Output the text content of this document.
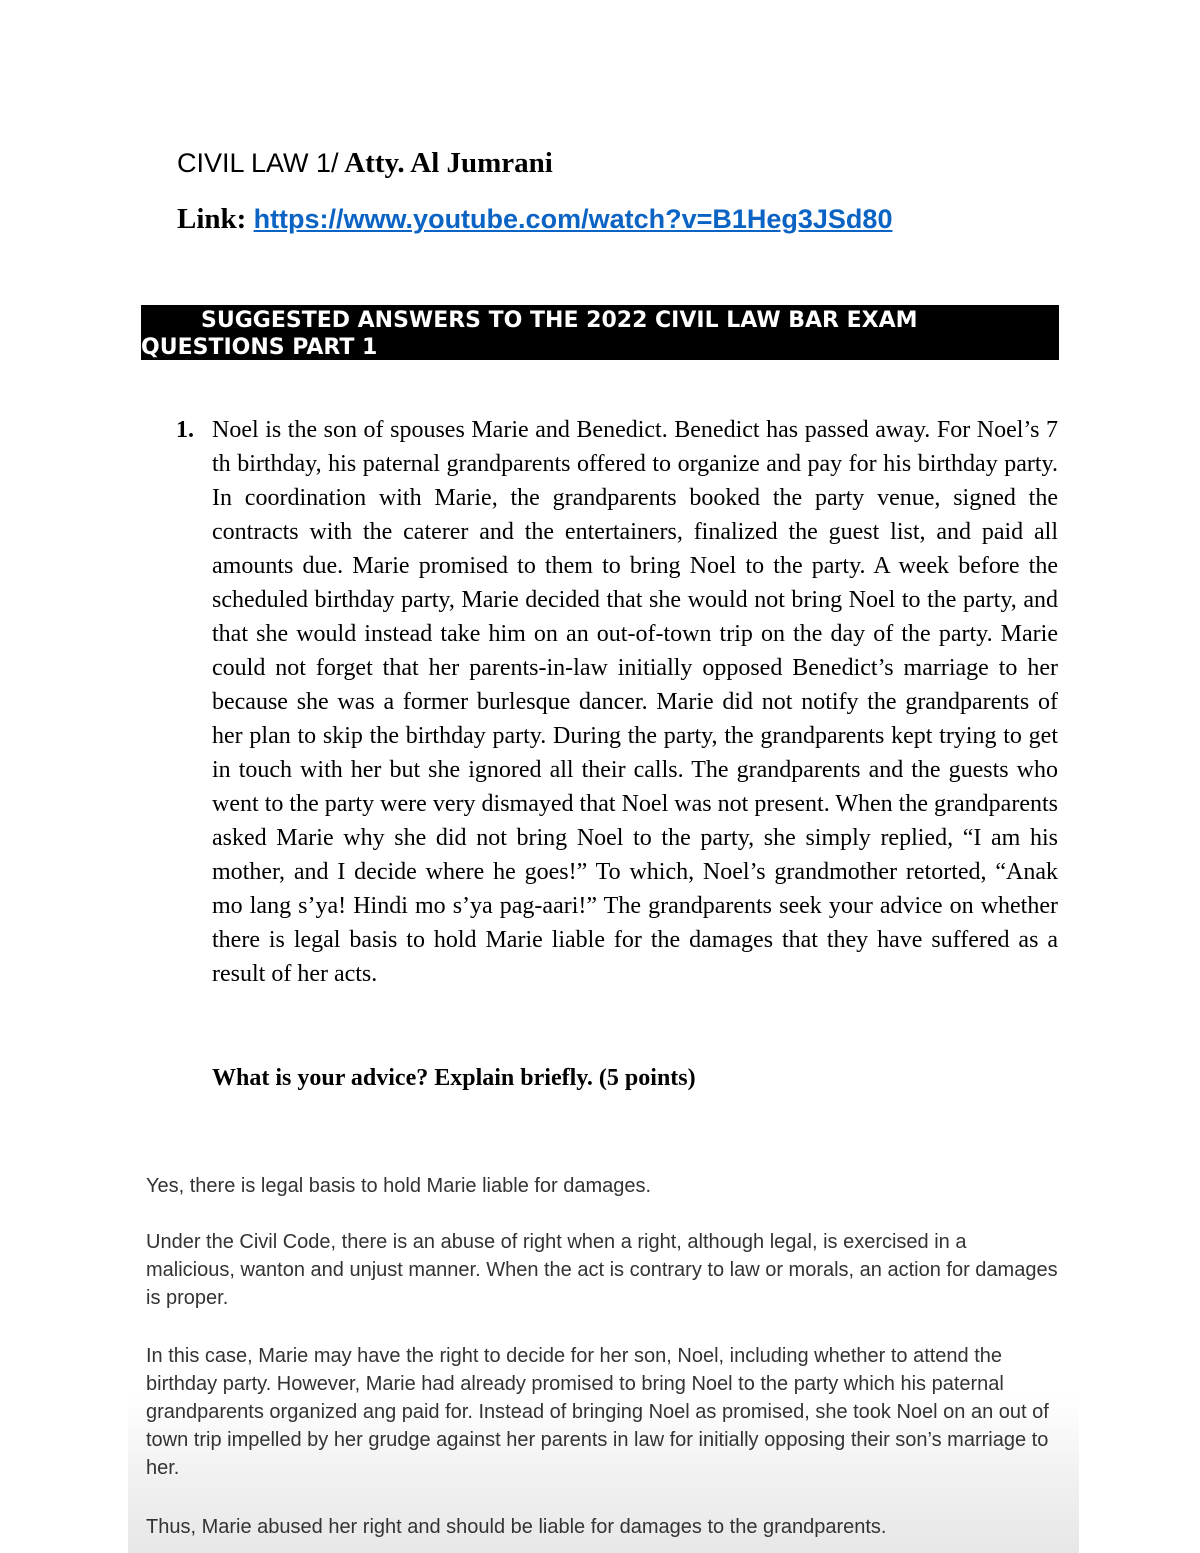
CIVIL LAW 1/ Atty. Al Jumrani
Link: https://www.youtube.com/watch?v=B1Heg3JSd80
SUGGESTED ANSWERS TO THE 2022 CIVIL LAW BAR EXAM
QUESTIONS PART 1
1. Noel is the son of spouses Marie and Benedict. Benedict has passed away. For Noel’s 7 th birthday, his paternal grandparents offered to organize and pay for his birthday party. In coordination with Marie, the grandparents booked the party venue, signed the contracts with the caterer and the entertainers, finalized the guest list, and paid all amounts due. Marie promised to them to bring Noel to the party. A week before the scheduled birthday party, Marie decided that she would not bring Noel to the party, and that she would instead take him on an out-of-town trip on the day of the party. Marie could not forget that her parents-in-law initially opposed Benedict’s marriage to her because she was a former burlesque dancer. Marie did not notify the grandparents of her plan to skip the birthday party. During the party, the grandparents kept trying to get in touch with her but she ignored all their calls. The grandparents and the guests who went to the party were very dismayed that Noel was not present. When the grandparents asked Marie why she did not bring Noel to the party, she simply replied, “I am his mother, and I decide where he goes!” To which, Noel’s grandmother retorted, “Anak mo lang s’ya! Hindi mo s’ya pag-aari!” The grandparents seek your advice on whether there is legal basis to hold Marie liable for the damages that they have suffered as a result of her acts.

What is your advice? Explain briefly. (5 points)

Yes, there is legal basis to hold Marie liable for damages.

Under the Civil Code, there is an abuse of right when a right, although legal, is exercised in a malicious, wanton and unjust manner. When the act is contrary to law or morals, an action for damages is proper.

In this case, Marie may have the right to decide for her son, Noel, including whether to attend the birthday party. However, Marie had already promised to bring Noel to the party which his paternal grandparents organized ang paid for. Instead of bringing Noel as promised, she took Noel on an out of town trip impelled by her grudge against her parents in law for initially opposing their son’s marriage to her.

Thus, Marie abused her right and should be liable for damages to the grandparents.
